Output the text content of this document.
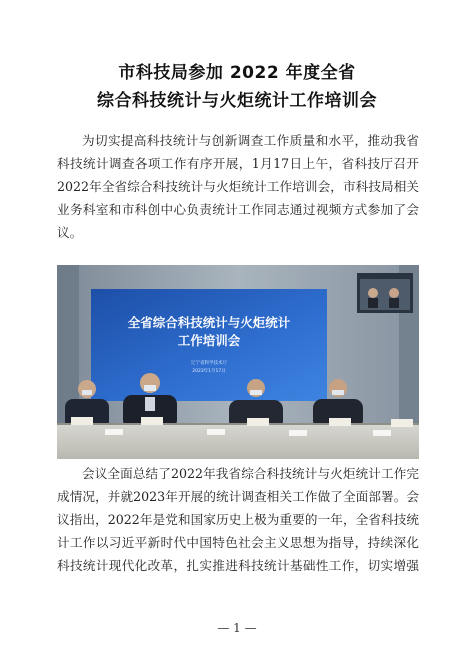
市科技局参加 2022 年度全省
综合科技统计与火炬统计工作培训会
为切实提高科技统计与创新调查工作质量和水平，推动我省
科技统计调查各项工作有序开展，1月17日上午，省科技厅召开
2022年全省综合科技统计与火炬统计工作培训会，市科技局相关
业务科室和市科创中心负责统计工作同志通过视频方式参加了会
议。
全省综合科技统计与火炬统计
工作培训会
辽宁省科学技术厅
2023年1月17日
会议全面总结了2022年我省综合科技统计与火炬统计工作完
成情况，并就2023年开展的统计调查相关工作做了全面部署。会
议指出，2022年是党和国家历史上极为重要的一年，全省科技统
计工作以习近平新时代中国特色社会主义思想为指导，持续深化
科技统计现代化改革，扎实推进科技统计基础性工作，切实增强
— 1 —
